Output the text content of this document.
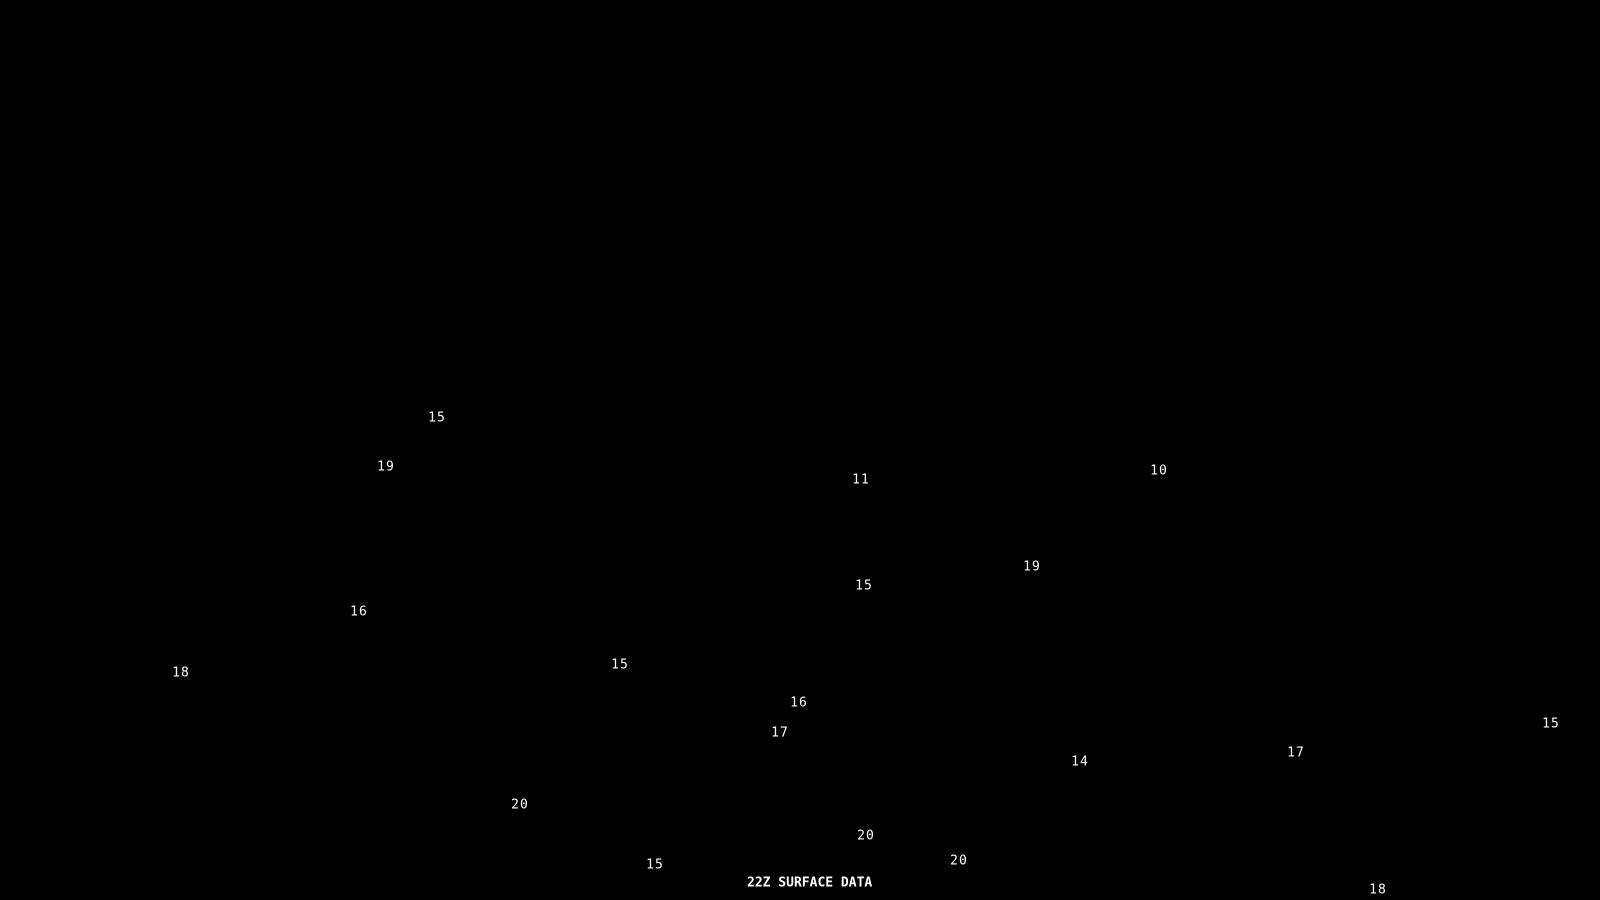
15
19
11
10
19
15
16
15
18
16
17
15
17
14
20
20
20
15
18
22Z SURFACE DATA
